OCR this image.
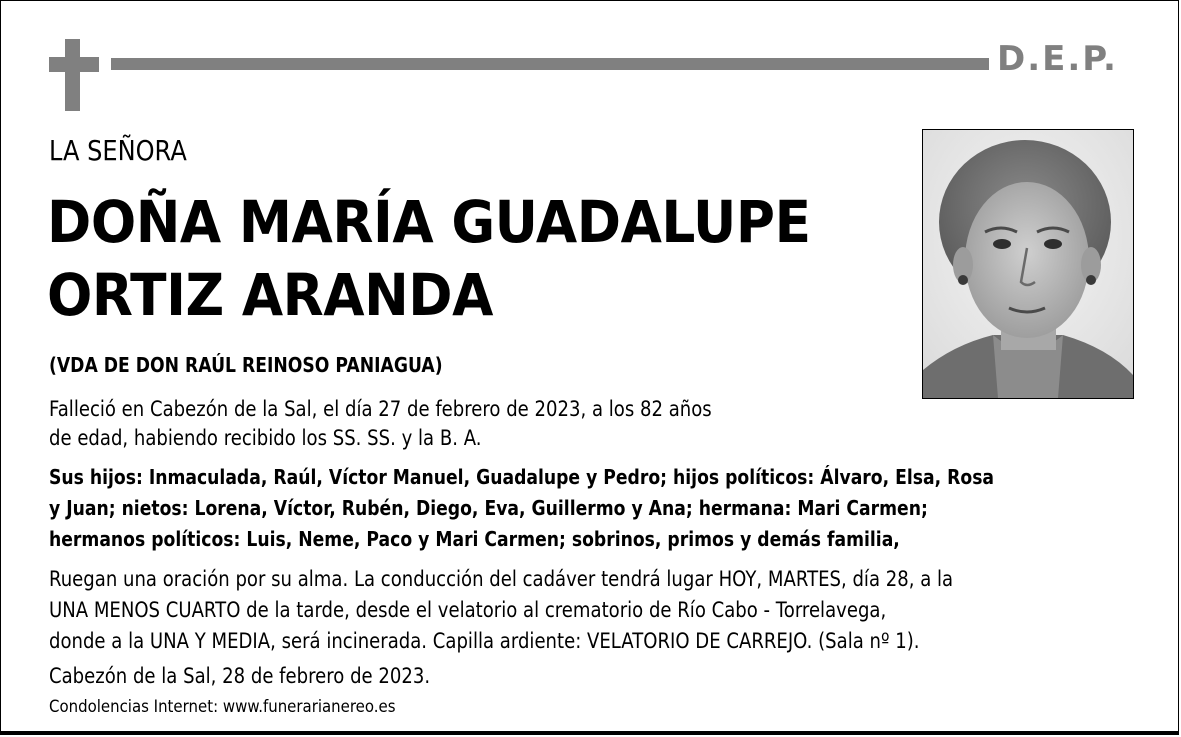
D.E.P.
LA SEÑORA
DOÑA MARÍA GUADALUPE
ORTIZ ARANDA
(VDA DE DON RAÚL REINOSO PANIAGUA)
Falleció en Cabezón de la Sal, el día 27 de febrero de 2023, a los 82 años
de edad, habiendo recibido los SS. SS. y la B. A.
Sus hijos: Inmaculada, Raúl, Víctor Manuel, Guadalupe y Pedro; hijos políticos: Álvaro, Elsa, Rosa
y Juan; nietos: Lorena, Víctor, Rubén, Diego, Eva, Guillermo y Ana; hermana: Mari Carmen;
hermanos políticos: Luis, Neme, Paco y Mari Carmen; sobrinos, primos y demás familia,
Ruegan una oración por su alma. La conducción del cadáver tendrá lugar HOY, MARTES, día 28, a la
UNA MENOS CUARTO de la tarde, desde el velatorio al crematorio de Río Cabo - Torrelavega,
donde a la UNA Y MEDIA, será incinerada. Capilla ardiente: VELATORIO DE CARREJO. (Sala nº 1).
Cabezón de la Sal, 28 de febrero de 2023.
Condolencias Internet: www.funerarianereo.es
